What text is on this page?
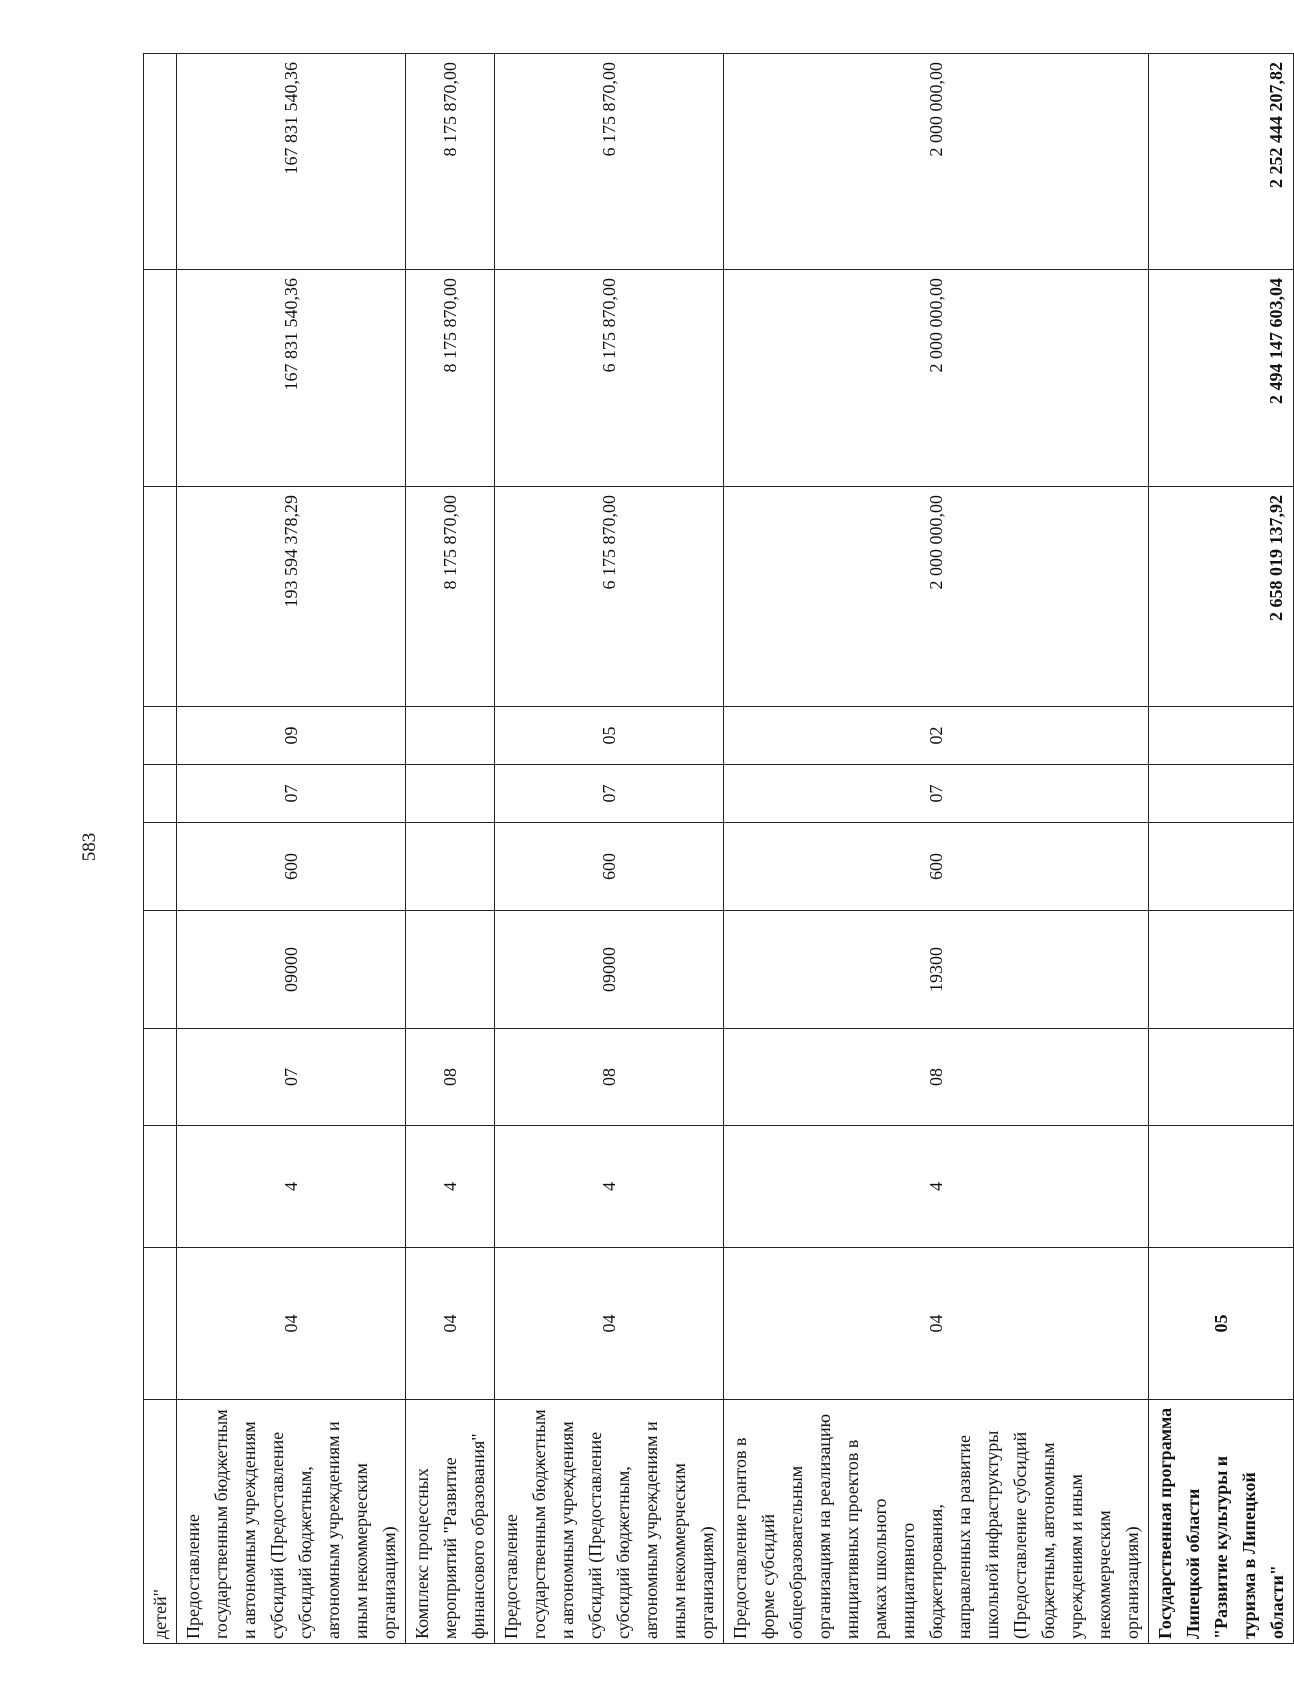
583
детей"										
Предоставление государственным бюджетным и автономным учреждениям субсидий (Предоставление субсидий бюджетным, автономным учреждениям и иным некоммерческим организациям)	04	4	07	09000	600	07	09	193 594 378,29	167 831 540,36	167 831 540,36
Комплекс процессных мероприятий "Развитие финансового образования"	04	4	08					8 175 870,00	8 175 870,00	8 175 870,00
Предоставление государственным бюджетным и автономным учреждениям субсидий (Предоставление субсидий бюджетным, автономным учреждениям и иным некоммерческим организациям)	04	4	08	09000	600	07	05	6 175 870,00	6 175 870,00	6 175 870,00
Предоставление грантов в форме субсидий общеобразовательным организациям на реализацию инициативных проектов в рамках школьного инициативного бюджетирования, направленных на развитие школьной инфраструктуры (Предоставление субсидий бюджетным, автономным учреждениям и иным некоммерческим организациям)	04	4	08	19300	600	07	02	2 000 000,00	2 000 000,00	2 000 000,00
Государственная программа Липецкой области "Развитие культуры и туризма в Липецкой области"	05							2 658 019 137,92	2 494 147 603,04	2 252 444 207,82
